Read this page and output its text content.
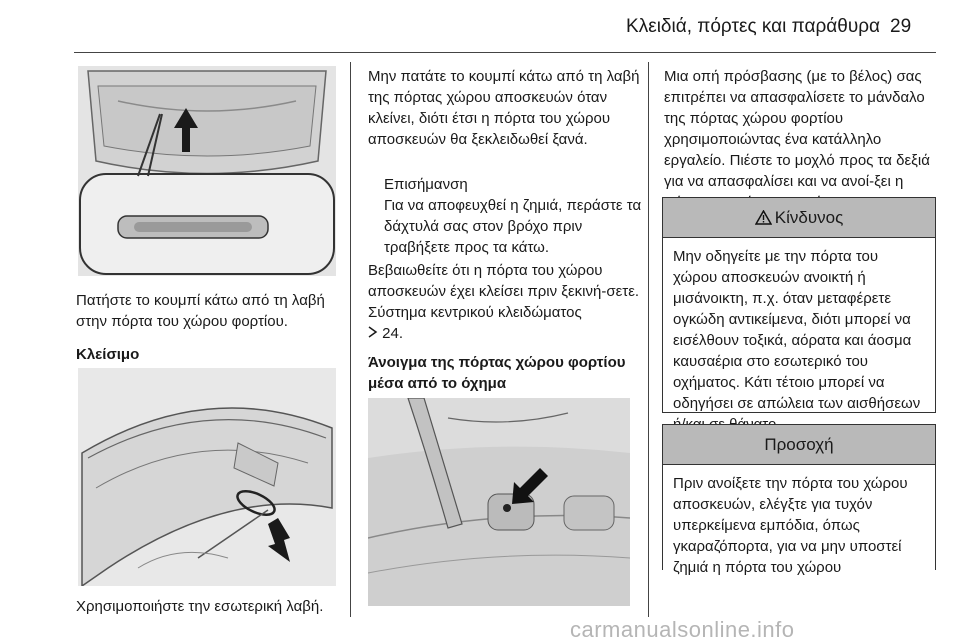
Κλειδιά, πόρτες και παράθυρα 29
Πατήστε το κουμπί κάτω από τη λαβή στην πόρτα του χώρου φορτίου.
Κλείσιμο
Χρησιμοποιήστε την εσωτερική λαβή.
Μην πατάτε το κουμπί κάτω από τη λαβή της πόρτας χώρου αποσκευών όταν κλείνει, διότι έτσι η πόρτα του χώρου αποσκευών θα ξεκλειδωθεί ξανά.
Επισήμανση
Για να αποφευχθεί η ζημιά, περάστε τα δάχτυλά σας στον βρόχο πριν τραβήξετε προς τα κάτω.
Βεβαιωθείτε ότι η πόρτα του χώρου αποσκευών έχει κλείσει πριν ξεκινή-σετε.
Σύστημα κεντρικού κλειδώματος
24.
Άνοιγμα της πόρτας χώρου φορτίου μέσα από το όχημα
Μια οπή πρόσβασης (με το βέλος) σας επιτρέπει να απασφαλίσετε το μάνδαλο της πόρτας χώρου φορτίου χρησιμοποιώντας ένα κατάλληλο εργαλείο. Πιέστε το μοχλό προς τα δεξιά για να απασφαλίσει και να ανοί-ξει η
Κίνδυνος
Μην οδηγείτε με την πόρτα του χώρου αποσκευών ανοικτή ή μισάνοικτη, π.χ. όταν μεταφέρετε ογκώδη αντικείμενα, διότι μπορεί να εισέλθουν τοξικά, αόρατα και άοσμα καυσαέρια στο εσωτερικό του οχήματος. Κάτι τέτοιο μπορεί να οδηγήσει σε απώλεια των αισθήσεων
Προσοχή
Πριν ανοίξετε την πόρτα του χώρου αποσκευών, ελέγξτε για τυχόν υπερκείμενα εμπόδια, όπως γκαραζόπορτα, για να μην υποστεί ζημιά η πόρτα του χώρου
carmanualsonline.info
